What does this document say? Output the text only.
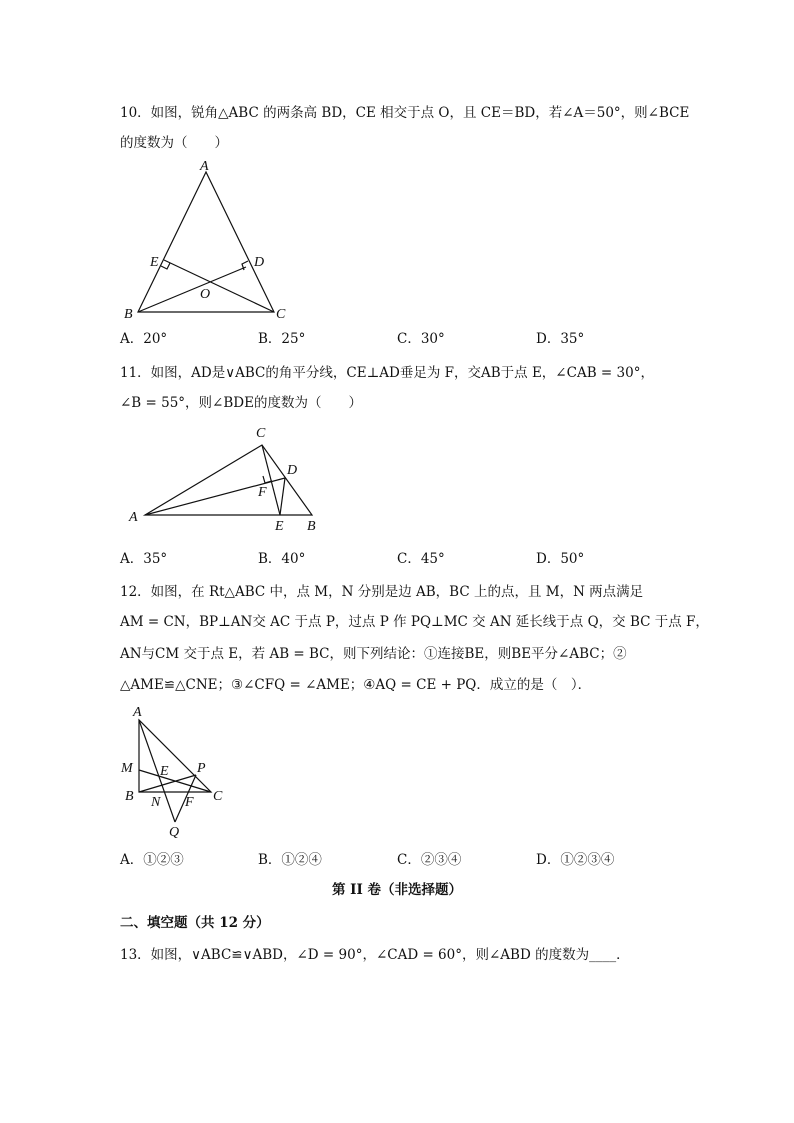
10．如图，锐角△ABC 的两条高 BD，CE 相交于点 O，且 CE＝BD，若∠A＝50°，则∠BCE
的度数为（　　）
A
E	D
O
B	C
A．20°	B．25°	C．30°	D．35°
11．如图，AD是∨ABC的角平分线，CE⊥AD垂足为 F，交AB于点 E，∠CAB = 30°，
∠B = 55°，则∠BDE的度数为（　　）
C
D
F
A
E B
A．35°	B．40°	C．45°	D．50°
12．如图，在 Rt△ABC 中，点 M，N 分别是边 AB，BC 上的点，且 M，N 两点满足
AM = CN，BP⊥AN交 AC 于点 P，过点 P 作 PQ⊥MC 交 AN 延长线于点 Q，交 BC 于点 F，
AN与CM 交于点 E，若 AB = BC，则下列结论：①连接BE，则BE平分∠ABC；②
△AME≌△CNE；③∠CFQ = ∠AME；④AQ = CE + PQ．成立的是（　）．
A
M E P
B N F C
Q
A．①②③	B．①②④	C．②③④	D．①②③④
第 II 卷（非选择题）
二、填空题（共 12 分）
13．如图，∨ABC≌∨ABD，∠D = 90°，∠CAD = 60°，则∠ABD 的度数为____．
